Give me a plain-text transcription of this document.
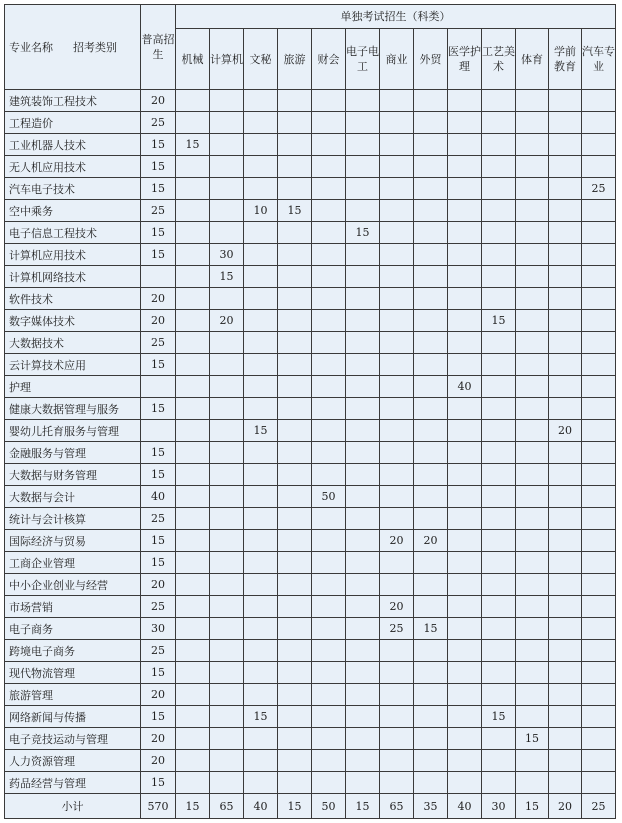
专业名称 招考类别	普高招生	单独考试招生（科类）												
		机械	计算机	文秘	旅游	财会	电子电工	商业	外贸	医学护理	工艺美术	体育	学前教育	汽车专业
建筑装饰工程技术	20													
工程造价	25													
工业机器人技术	15	15												
无人机应用技术	15													
汽车电子技术	15													25
空中乘务	25			10	15									
电子信息工程技术	15						15							
计算机应用技术	15		30											
计算机网络技术			15											
软件技术	20													
数字媒体技术	20		20								15			
大数据技术	25													
云计算技术应用	15													
护理										40				
健康大数据管理与服务	15													
婴幼儿托育服务与管理				15									20	
金融服务与管理	15													
大数据与财务管理	15													
大数据与会计	40					50								
统计与会计核算	25													
国际经济与贸易	15							20	20					
工商企业管理	15													
中小企业创业与经营	20													
市场营销	25							20						
电子商务	30							25	15					
跨境电子商务	25													
现代物流管理	15													
旅游管理	20													
网络新闻与传播	15			15							15			
电子竞技运动与管理	20											15		
人力资源管理	20													
药品经营与管理	15													
小计	570	15	65	40	15	50	15	65	35	40	30	15	20	25
